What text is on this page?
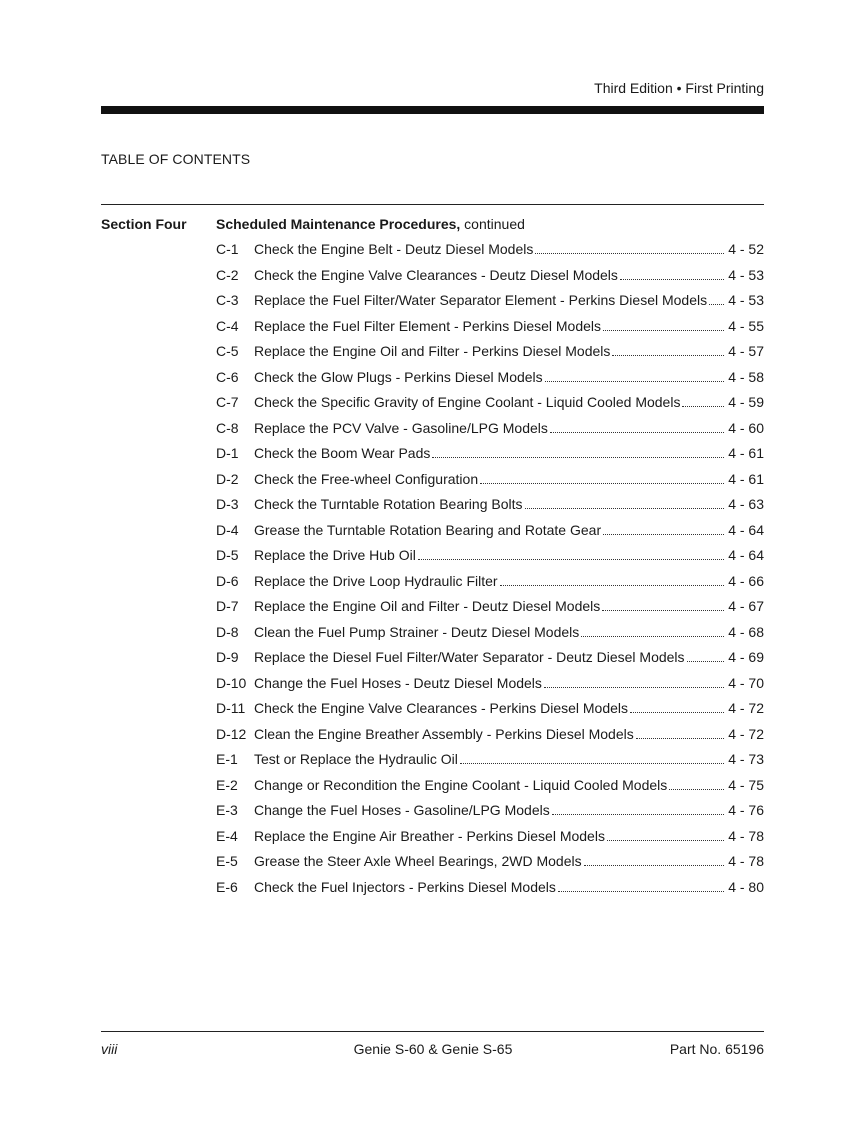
Third Edition • First Printing
TABLE OF CONTENTS
Section Four Scheduled Maintenance Procedures, continued
C-1	Check the Engine Belt - Deutz Diesel Models	4 - 52
C-2	Check the Engine Valve Clearances - Deutz Diesel Models	4 - 53
C-3	Replace the Fuel Filter/Water Separator Element - Perkins Diesel Models 4 - 53
C-4	Replace the Fuel Filter Element - Perkins Diesel Models	4 - 55
C-5	Replace the Engine Oil and Filter - Perkins Diesel Models	4 - 57
C-6	Check the Glow Plugs - Perkins Diesel Models	4 - 58
C-7	Check the Specific Gravity of Engine Coolant - Liquid Cooled Models	4 - 59
C-8	Replace the PCV Valve - Gasoline/LPG Models	4 - 60
D-1	Check the Boom Wear Pads	4 - 61
D-2	Check the Free-wheel Configuration	4 - 61
D-3	Check the Turntable Rotation Bearing Bolts	4 - 63
D-4	Grease the Turntable Rotation Bearing and Rotate Gear	4 - 64
D-5	Replace the Drive Hub Oil	4 - 64
D-6	Replace the Drive Loop Hydraulic Filter	4 - 66
D-7	Replace the Engine Oil and Filter - Deutz Diesel Models	4 - 67
D-8	Clean the Fuel Pump Strainer - Deutz Diesel Models	4 - 68
D-9	Replace the Diesel Fuel Filter/Water Separator - Deutz Diesel Models	4 - 69
D-10 Change the Fuel Hoses - Deutz Diesel Models	4 - 70
D-11 Check the Engine Valve Clearances - Perkins Diesel Models	4 - 72
D-12 Clean the Engine Breather Assembly - Perkins Diesel Models	4 - 72
E-1	Test or Replace the Hydraulic Oil	4 - 73
E-2	Change or Recondition the Engine Coolant - Liquid Cooled Models	4 - 75
E-3	Change the Fuel Hoses - Gasoline/LPG Models	4 - 76
E-4	Replace the Engine Air Breather - Perkins Diesel Models	4 - 78
E-5	Grease the Steer Axle Wheel Bearings, 2WD Models	4 - 78
E-6	Check the Fuel Injectors - Perkins Diesel Models	4 - 80
viii	Genie S-60 & Genie S-65	Part No. 65196
